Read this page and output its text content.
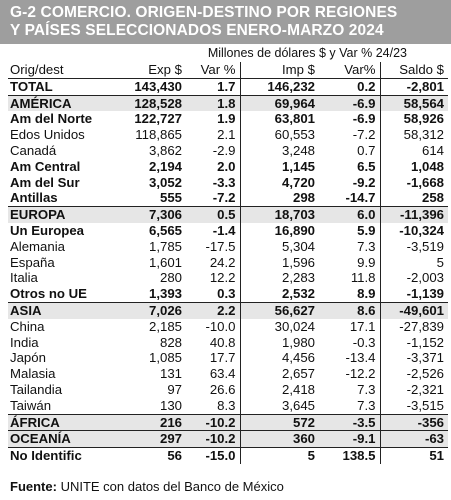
G-2 COMERCIO. ORIGEN-DESTINO POR REGIONES
Y PAÍSES SELECCIONADOS ENERO-MARZO 2024
Millones de dólares $ y Var % 24/23
Orig/dest	Exp $	Var %	Imp $	Var%	Saldo $
TOTAL	143,430	1.7	146,232	0.2	-2,801
AMÉRICA	128,528	1.8	69,964	-6.9	58,564
Am del Norte	122,727	1.9	63,801	-6.9	58,926
Edos Unidos	118,865	2.1	60,553	-7.2	58,312
Canadá	3,862	-2.9	3,248	0.7	614
Am Central	2,194	2.0	1,145	6.5	1,048
Am del Sur	3,052	-3.3	4,720	-9.2	-1,668
Antillas	555	-7.2	298	-14.7	258
EUROPA	7,306	0.5	18,703	6.0	-11,396
Un Europea	6,565	-1.4	16,890	5.9	-10,324
Alemania	1,785	-17.5	5,304	7.3	-3,519
España	1,601	24.2	1,596	9.9	5
Italia	280	12.2	2,283	11.8	-2,003
Otros no UE	1,393	0.3	2,532	8.9	-1,139
ASIA	7,026	2.2	56,627	8.6	-49,601
China	2,185	-10.0	30,024	17.1	-27,839
India	828	40.8	1,980	-0.3	-1,152
Japón	1,085	17.7	4,456	-13.4	-3,371
Malasia	131	63.4	2,657	-12.2	-2,526
Tailandia	97	26.6	2,418	7.3	-2,321
Taiwán	130	8.3	3,645	7.3	-3,515
ÁFRICA	216	-10.2	572	-3.5	-356
OCEANÍA	297	-10.2	360	-9.1	-63
No Identific	56	-15.0	5	138.5	51
Fuente: UNITE con datos del Banco de México
